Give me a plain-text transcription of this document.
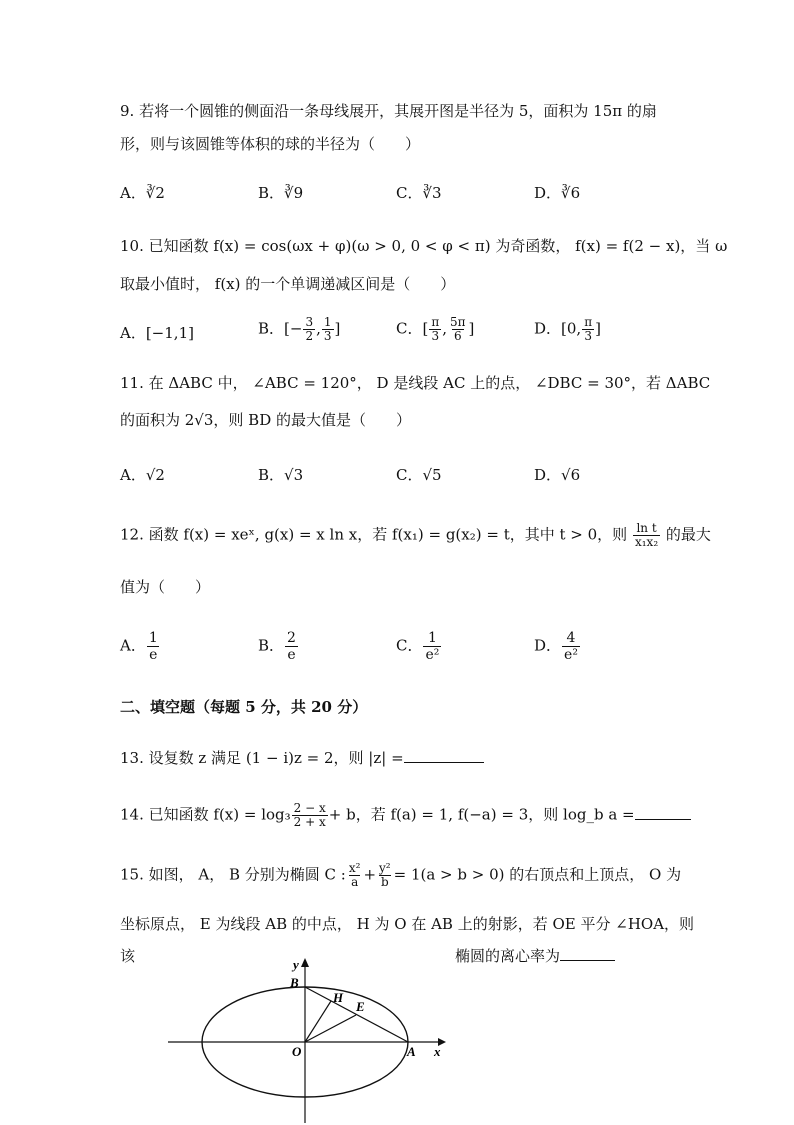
9. 若将一个圆锥的侧面沿一条母线展开，其展开图是半径为 5，面积为 15π 的扇
形，则与该圆锥等体积的球的半径为（　　）
A．∛2	B．∛9	C．∛3	D．∛6
10. 已知函数 f(x) = cos(ωx + φ)(ω > 0, 0 < φ < π) 为奇函数， f(x) = f(2 − x)，当 ω
取最小值时， f(x) 的一个单调递减区间是（　　）
A．[−1,1]	B．[− $\frac{3}{2}$ , $\frac{1}{3}$ ]	C．[ $\frac{\pi}{3}$ , $\frac{5\pi}{6}$ ]	D．[0, $\frac{\pi}{3}$ ]
11. 在 ΔABC 中， ∠ABC = 120°， D 是线段 AC 上的点， ∠DBC = 30°，若 ΔABC
的面积为 2√3，则 BD 的最大值是（　　）
A．√2	B．√3	C．√5	D．√6
12. 函数 f(x) = xeˣ, g(x) = x ln x，若 f(x₁) = g(x₂) = t，其中 t > 0，则 $\frac{\text{ln t}}{\text{x₁x₂}}$ 的最大
值为（　　）
A． $\frac{1}{e}$	B． $\frac{2}{e}$	C． $\frac{1}{\text{e²}}$	D． $\frac{4}{\text{e²}}$
二、填空题（每题 5 分，共 20 分）
13. 设复数 z 满足 (1 − i)z = 2，则 |z| =
14. 已知函数 $f(x) = \log_3 \frac{2 - x}{2 + x} + b$，若 f(a) = 1, f(−a) = 3，则 log_b a =
15. 如图， A， B 分别为椭圆 C : $\frac{\text{x²}}{a} + \frac{\text{y²}}{b} = 1(a > b > 0)$ 的右顶点和上顶点， O 为
坐标原点， E 为线段 AB 的中点， H 为 O 在 AB 上的射影，若 OE 平分 ∠HOA，则
该	椭圆的离心率为
y
x
B
H
E
O	A
